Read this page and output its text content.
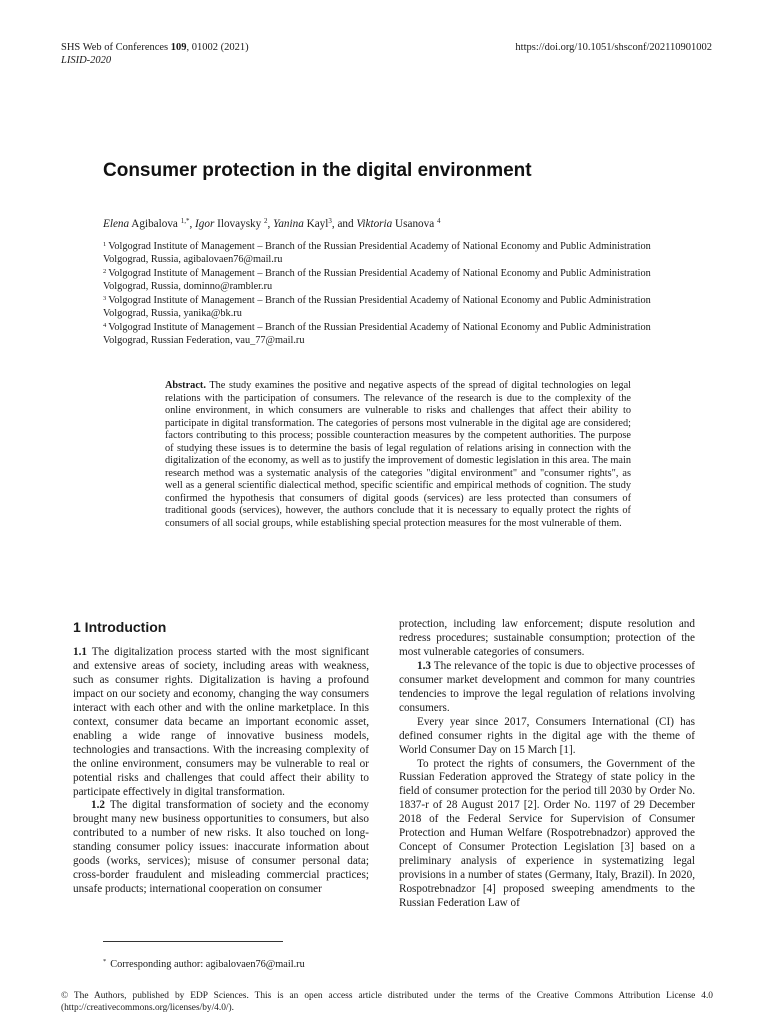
SHS Web of Conferences 109, 01002 (2021)
LISID-2020
https://doi.org/10.1051/shsconf/202110901002
Consumer protection in the digital environment
Elena Agibalova $^{1,*}$, Igor Ilovaysky $^2$, Yanina Kayl$^3$, and Viktoria Usanova $^4$
$^1$ Volgograd Institute of Management – Branch of the Russian Presidential Academy of National Economy and Public Administration Volgograd, Russia, agibalovaen76@mail.ru
$^2$ Volgograd Institute of Management – Branch of the Russian Presidential Academy of National Economy and Public Administration Volgograd, Russia, dominno@rambler.ru
$^3$ Volgograd Institute of Management – Branch of the Russian Presidential Academy of National Economy and Public Administration Volgograd, Russia, yanika@bk.ru
$^4$ Volgograd Institute of Management – Branch of the Russian Presidential Academy of National Economy and Public Administration Volgograd, Russian Federation, vau_77@mail.ru
Abstract. The study examines the positive and negative aspects of the spread of digital technologies on legal relations with the participation of consumers. The relevance of the research is due to the complexity of the online environment, in which consumers are vulnerable to risks and challenges that affect their ability to participate in digital transformation. The categories of persons most vulnerable in the digital age are considered; factors contributing to this process; possible counteraction measures by the competent authorities. The purpose of studying these issues is to determine the basis of legal regulation of relations arising in connection with the digitalization of the economy, as well as to justify the improvement of domestic legislation in this area. The main research method was a systematic analysis of the categories "digital environment" and "consumer rights", as well as a general scientific dialectical method, specific scientific and empirical methods of cognition. The study confirmed the hypothesis that consumers of digital goods (services) are less protected than consumers of traditional goods (services), however, the authors conclude that it is necessary to equally protect the rights of consumers of all social groups, while establishing special protection measures for the most vulnerable of them.
1 Introduction

1.1 The digitalization process started with the most significant and extensive areas of society, including areas with weakness, such as consumer rights. Digitalization is having a profound impact on our society and economy, changing the way consumers interact with each other and with the online marketplace. In this context, consumer data became an important economic asset, enabling a wide range of innovative business models, technologies and transactions. With the increasing complexity of the online environment, consumers may be vulnerable to real or potential risks and challenges that could affect their ability to participate effectively in digital transformation.

1.2 The digital transformation of society and the economy brought many new business opportunities to consumers, but also contributed to a number of new risks. It also touched on long-standing consumer policy issues: inaccurate information about goods (works, services); misuse of consumer personal data; cross-border fraudulent and misleading commercial practices; unsafe products; international cooperation on consumer

protection, including law enforcement; dispute resolution and redress procedures; sustainable consumption; protection of the most vulnerable categories of consumers.

1.3 The relevance of the topic is due to objective processes of consumer market development and common for many countries tendencies to improve the legal regulation of relations involving consumers.

Every year since 2017, Consumers International (CI) has defined consumer rights in the digital age with the theme of World Consumer Day on 15 March [1].

To protect the rights of consumers, the Government of the Russian Federation approved the Strategy of state policy in the field of consumer protection for the period till 2030 by Order No. 1837-r of 28 August 2017 [2]. Order No. 1197 of 29 December 2018 of the Federal Service for Supervision of Consumer Protection and Human Welfare (Rospotrebnadzor) approved the Concept of Consumer Protection Legislation [3] based on a preliminary analysis of experience in systematizing legal provisions in a number of states (Germany, Italy, Brazil). In 2020, Rospotrebnadzor [4] proposed sweeping amendments to the Russian Federation Law of

* Corresponding author: agibalovaen76@mail.ru
© The Authors, published by EDP Sciences. This is an open access article distributed under the terms of the Creative Commons Attribution License 4.0 (http://creativecommons.org/licenses/by/4.0/).
